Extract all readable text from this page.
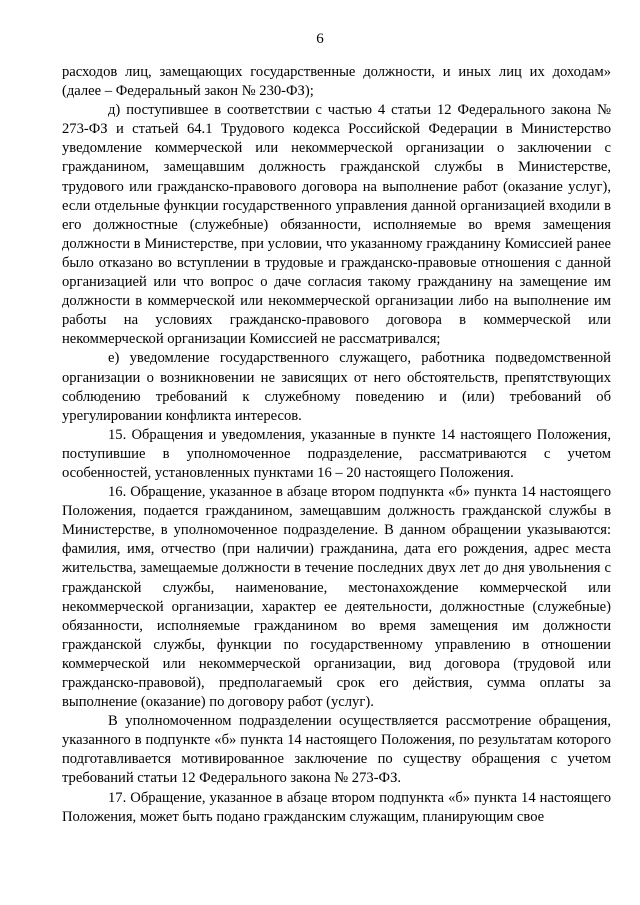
6

расходов лиц, замещающих государственные должности, и иных лиц их доходам» (далее – Федеральный закон № 230-ФЗ);

д) поступившее в соответствии с частью 4 статьи 12 Федерального закона № 273-ФЗ и статьей 64.1 Трудового кодекса Российской Федерации в Министерство уведомление коммерческой или некоммерческой организации о заключении с гражданином, замещавшим должность гражданской службы в Министерстве, трудового или гражданско-правового договора на выполнение работ (оказание услуг), если отдельные функции государственного управления данной организацией входили в его должностные (служебные) обязанности, исполняемые во время замещения должности в Министерстве, при условии, что указанному гражданину Комиссией ранее было отказано во вступлении в трудовые и гражданско-правовые отношения с данной организацией или что вопрос о даче согласия такому гражданину на замещение им должности в коммерческой или некоммерческой организации либо на выполнение им работы на условиях гражданско-правового договора в коммерческой или некоммерческой организации Комиссией не рассматривался;

е) уведомление государственного служащего, работника подведомственной организации о возникновении не зависящих от него обстоятельств, препятствующих соблюдению требований к служебному поведению и (или) требований об урегулировании конфликта интересов.

15. Обращения и уведомления, указанные в пункте 14 настоящего Положения, поступившие в уполномоченное подразделение, рассматриваются с учетом особенностей, установленных пунктами 16 – 20 настоящего Положения.

16. Обращение, указанное в абзаце втором подпункта «б» пункта 14 настоящего Положения, подается гражданином, замещавшим должность гражданской службы в Министерстве, в уполномоченное подразделение. В данном обращении указываются: фамилия, имя, отчество (при наличии) гражданина, дата его рождения, адрес места жительства, замещаемые должности в течение последних двух лет до дня увольнения с гражданской службы, наименование, местонахождение коммерческой или некоммерческой организации, характер ее деятельности, должностные (служебные) обязанности, исполняемые гражданином во время замещения им должности гражданской службы, функции по государственному управлению в отношении коммерческой или некоммерческой организации, вид договора (трудовой или гражданско-правовой), предполагаемый срок его действия, сумма оплаты за выполнение (оказание) по договору работ (услуг).

В уполномоченном подразделении осуществляется рассмотрение обращения, указанного в подпункте «б» пункта 14 настоящего Положения, по результатам которого подготавливается мотивированное заключение по существу обращения с учетом требований статьи 12 Федерального закона № 273-ФЗ.

17. Обращение, указанное в абзаце втором подпункта «б» пункта 14 настоящего Положения, может быть подано гражданским служащим, планирующим свое
